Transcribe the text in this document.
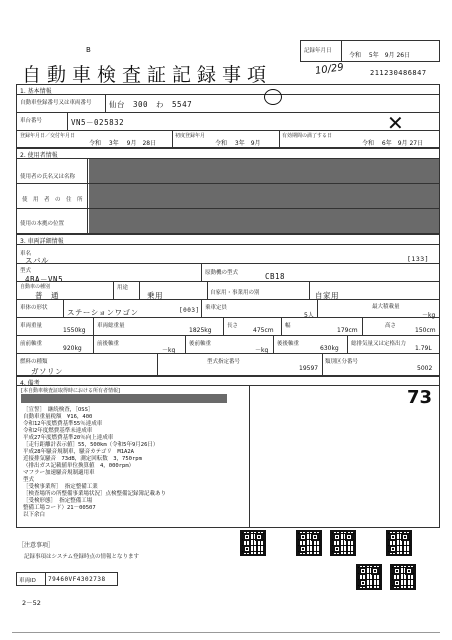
B
自動車検査証記録事項
記録年月日
令和　 5年　9月 26日
10/29	211230486847
1. 基本情報
自動車登録番号又は車両番号 仙台　300　わ　5547
車台番号	VN5－025832	✕
登録年月日／交付年月日
令和　 3年　 9月　28日
初度登録年月
令和　 3年　9月
有効期間の満了する日
令和　 6年　9月 27日
2. 使用者情報
使用者の氏名又は名称
使　用　者　の　住　所
使用の本拠の位置
3. 車両詳細情報
車名
スバル	[133]
型式
4BA－VN5
原動機の型式	CB18
自動車の種別
普　通
用途
乗用	自家用・事業用の別	自家用
車体の形状	ステーションワゴン	[003] 乗車定員
5人
最大積載量
－kg
車両重量
1550kg
車両総重量
1825kg
長さ
475cm
幅
179cm
高さ
150cm
前前軸重
920kg
前後軸重
－kg
後前軸重
－kg
後後軸重
630kg
総排気量又は定格出力
1.79L
燃料の種類
ガソリン
型式指定番号
19597
類別区分番号
5002
4. 備考
[本自動車検査証取得時における所有者情報]	73
［宣誓］　継続検査，［OSS］
自動車重量税額　¥16，400
令和12年度燃費基準55％達成車
令和2年度燃費基準未達成車
平成27年度燃費基準20％向上達成車
［走行距離計表示値］55，500km（令和5年9月26日）
平成28年騒音規制車，騒音カテゴリ　M1A2A
近接排気騒音　73dB，測定回転数　3，750rpm
（排出ガス記載値単位換算値　4，000rpm）
マフラー加速騒音規制適用車
型式
［受検事業所］ 指定整備工業
［検査場所の所整備事業場状況］点検整備記録簿記載あり
［受検形態］ 指定整備工場
整備工場コード）21－00507
以下余白
［注意事項］
記録事項はシステム登録時点の情報となります
車両ID 79460VF4302738
2－52
